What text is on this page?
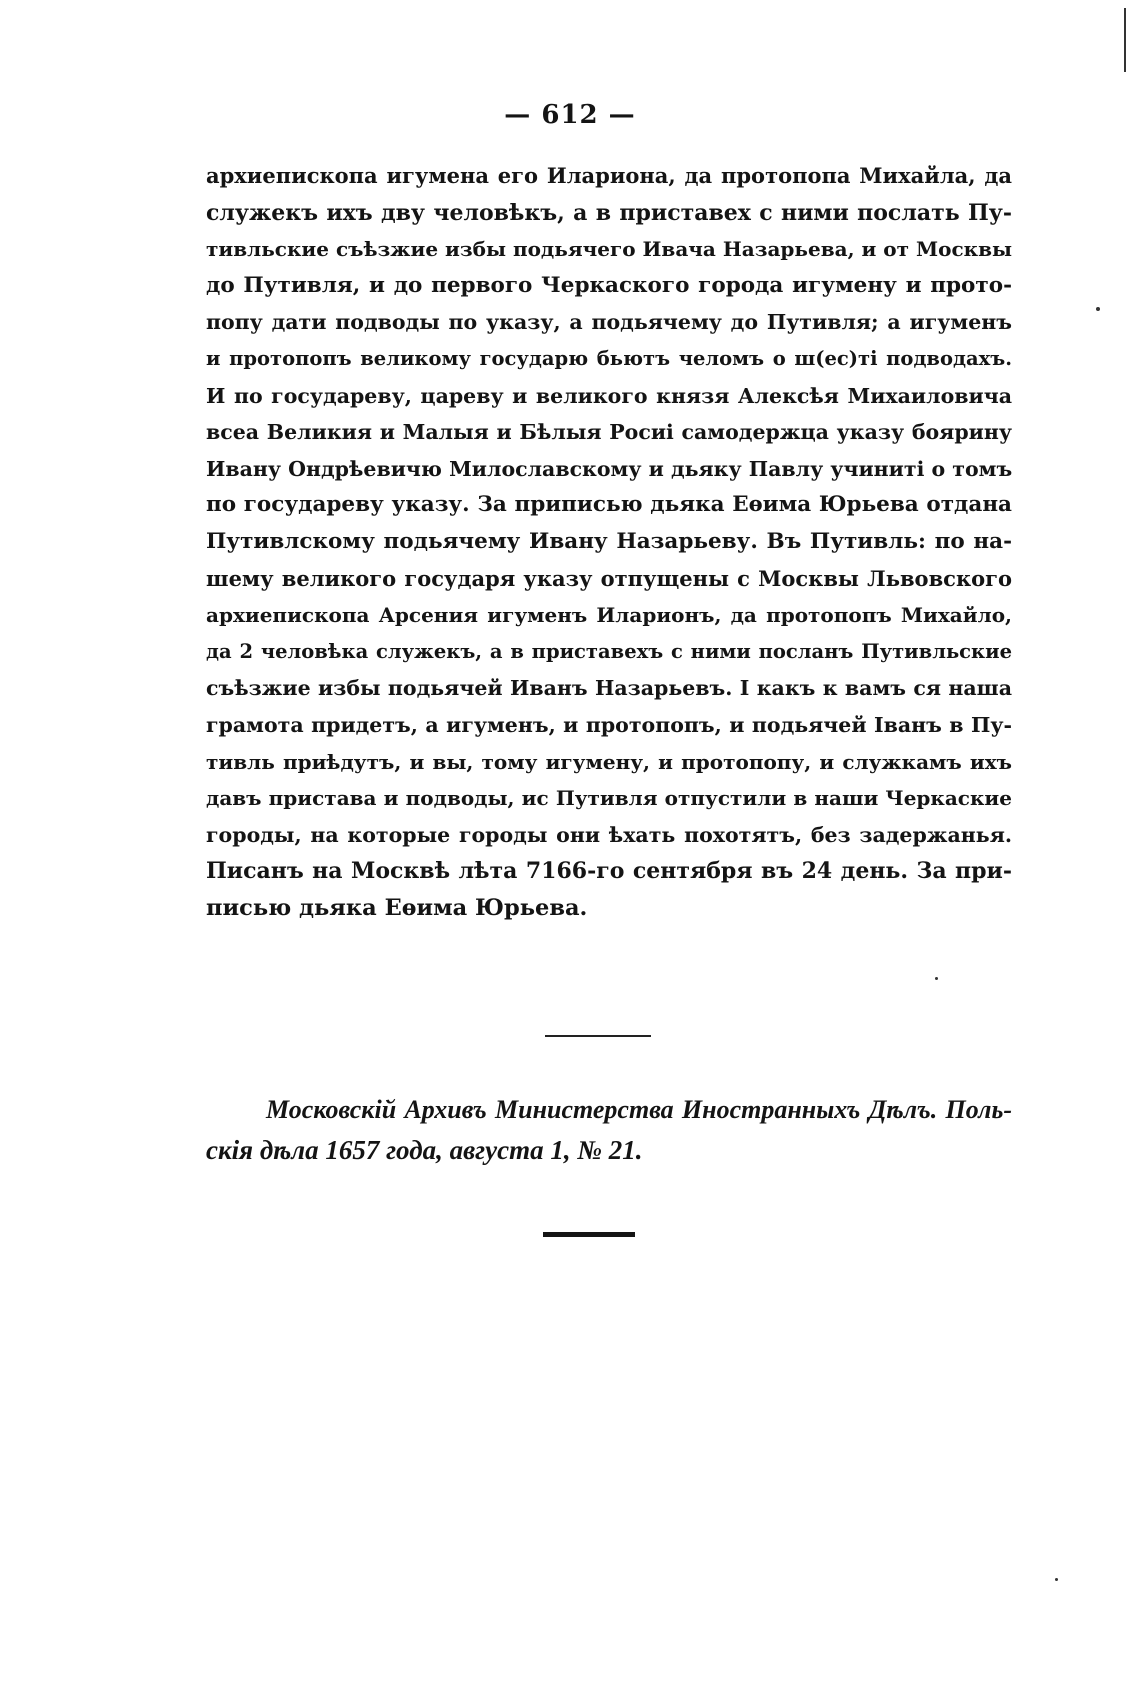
— 612 —
архиепископа игумена его Илариона, да протопопа Михайла, да
служекъ ихъ дву человѣкъ, а в приставех с ними послать Пу-
тивльские съѣзжие избы подьячего Ивача Назарьева, и от Москвы
до Путивля, и до первого Черкаского города игумену и прото-
попу дати подводы по указу, а подьячему до Путивля; а игуменъ
и протопопъ великому государю бьютъ челомъ о ш(ес)ті подводахъ.
И по государеву, цареву и великого князя Алексѣя Михаиловича
всеа Великия и Малыя и Бѣлыя Росиі самодержца указу боярину
Ивану Ондрѣевичю Милославскому и дьяку Павлу учиниті о томъ
по государеву указу. За приписью дьяка Еѳима Юрьева отдана
Путивлскому подьячему Ивану Назарьеву. Въ Путивль: по на-
шему великого государя указу отпущены с Москвы Львовского
архиепископа Арсения игуменъ Иларионъ, да протопопъ Михайло,
да 2 человѣка служекъ, а в приставехъ с ними посланъ Путивльские
съѣзжие избы подьячей Иванъ Назарьевъ. І какъ к вамъ ся наша
грамота придетъ, а игуменъ, и протопопъ, и подьячей Іванъ в Пу-
тивль приѣдутъ, и вы, тому игумену, и протопопу, и служкамъ ихъ
давъ пристава и подводы, ис Путивля отпустили в наши Черкаские
городы, на которые городы они ѣхать похотятъ, без задержанья.
Писанъ на Москвѣ лѣта 7166-го сентября въ 24 день. За при-
писью дьяка Еѳима Юрьева.
Московскій Архивъ Министерства Иностранныхъ Дѣлъ. Поль-
скія дѣла 1657 года, августа 1, № 21.
